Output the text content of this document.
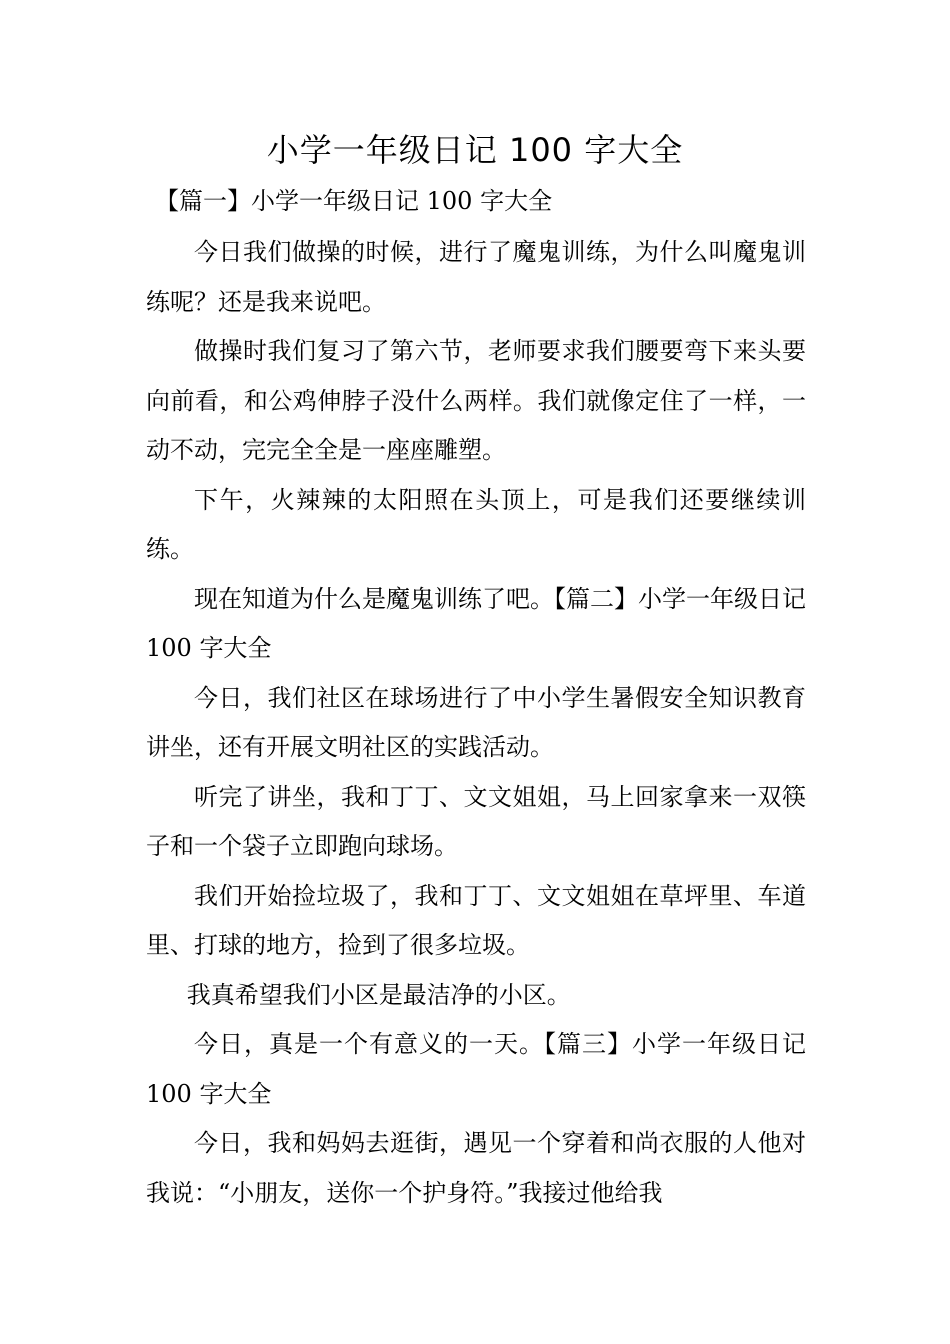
小学一年级日记 100 字大全

【篇一】小学一年级日记 100 字大全

今日我们做操的时候，进行了魔鬼训练，为什么叫魔鬼训练呢？还是我来说吧。

做操时我们复习了第六节，老师要求我们腰要弯下来头要向前看，和公鸡伸脖子没什么两样。我们就像定住了一样，一动不动，完完全全是一座座雕塑。

下午，火辣辣的太阳照在头顶上，可是我们还要继续训练。

现在知道为什么是魔鬼训练了吧。【篇二】小学一年级日记 100 字大全

今日，我们社区在球场进行了中小学生暑假安全知识教育讲坐，还有开展文明社区的实践活动。

听完了讲坐，我和丁丁、文文姐姐，马上回家拿来一双筷子和一个袋子立即跑向球场。

我们开始捡垃圾了，我和丁丁、文文姐姐在草坪里、车道里、打球的地方，捡到了很多垃圾。

我真希望我们小区是最洁净的小区。

今日，真是一个有意义的一天。【篇三】小学一年级日记 100 字大全

今日，我和妈妈去逛街，遇见一个穿着和尚衣服的人他对我说：“小朋友，送你一个护身符。”我接过他给我
